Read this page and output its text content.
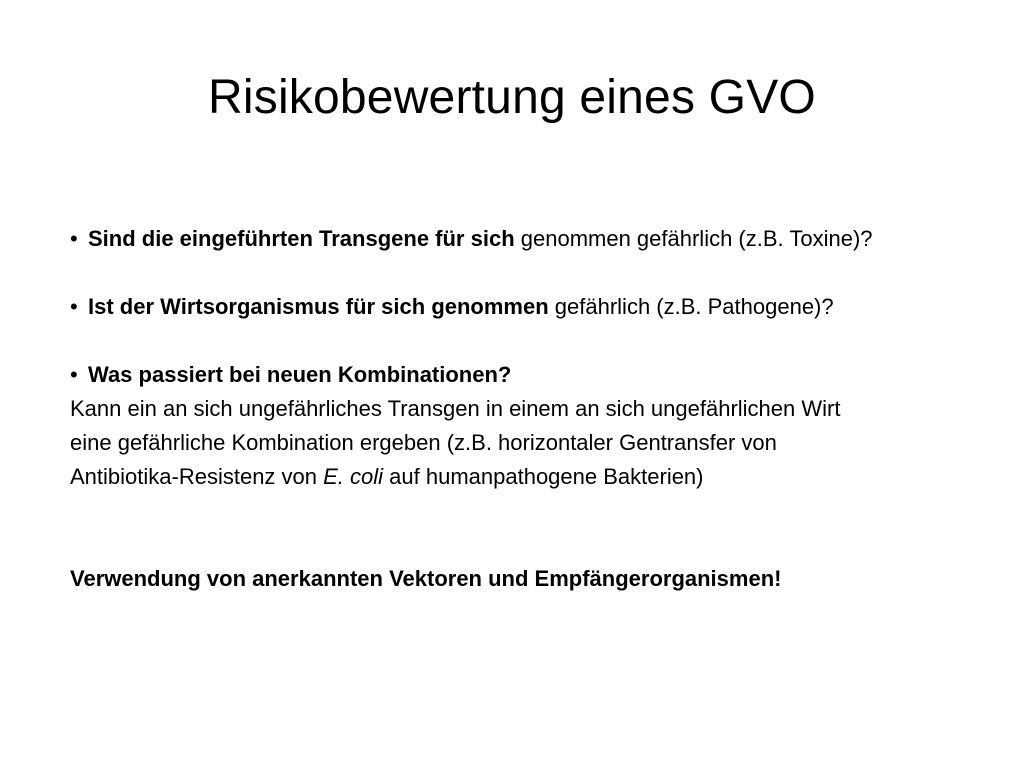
Risikobewertung eines GVO
• Sind die eingeführten Transgene für sich genommen gefährlich (z.B. Toxine)?
• Ist der Wirtsorganismus für sich genommen gefährlich (z.B. Pathogene)?
• Was passiert bei neuen Kombinationen?
Kann ein an sich ungefährliches Transgen in einem an sich ungefährlichen Wirt
eine gefährliche Kombination ergeben (z.B. horizontaler Gentransfer von
Antibiotika-Resistenz von E. coli auf humanpathogene Bakterien)
Verwendung von anerkannten Vektoren und Empfängerorganismen!
